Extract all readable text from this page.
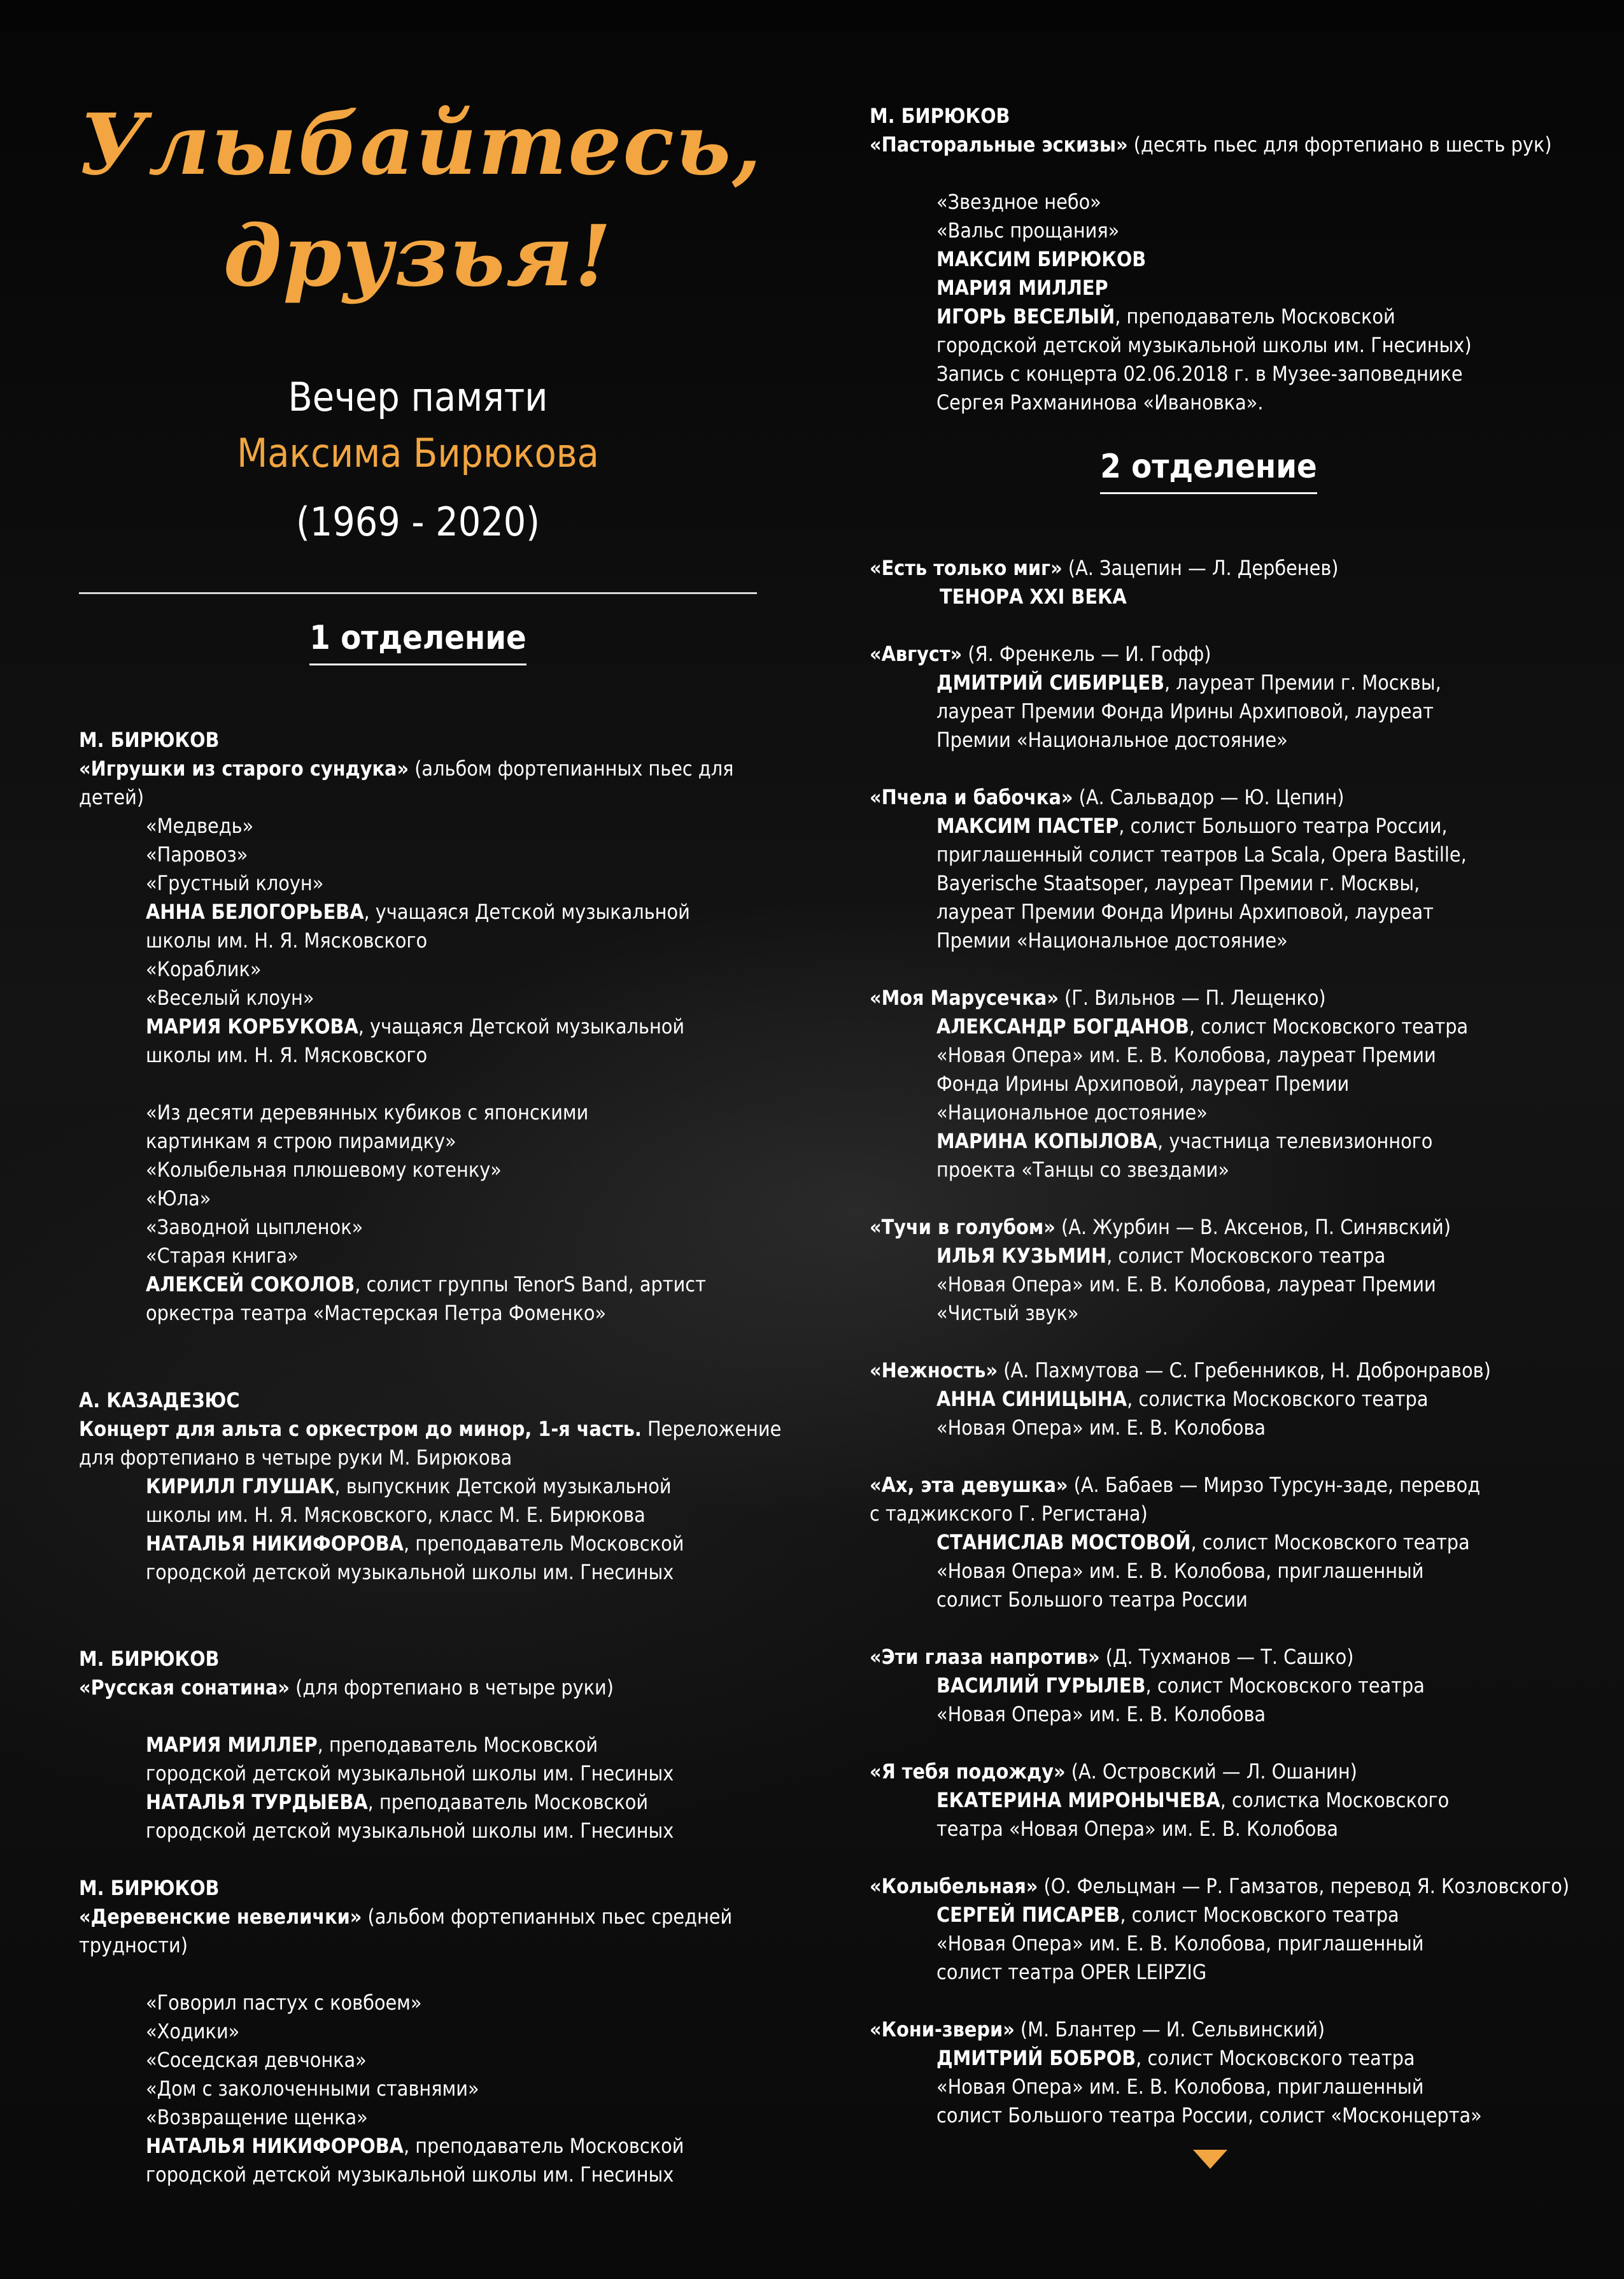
Улыбайтесь,
друзья!
Вечер памяти
Максима Бирюкова
(1969 - 2020)
1 отделение
М. БИРЮКОВ
«Игрушки из старого сундука» (альбом фортепианных пьес для
детей)
«Медведь»
«Паровоз»
«Грустный клоун»
АННА БЕЛОГОРЬЕВА, учащаяся Детской музыкальной
школы им. Н. Я. Мясковского
«Кораблик»
«Веселый клоун»
МАРИЯ КОРБУКОВА, учащаяся Детской музыкальной
школы им. Н. Я. Мясковского
«Из десяти деревянных кубиков с японскими
картинкам я строю пирамидку»
«Колыбельная плюшевому котенку»
«Юла»
«Заводной цыпленок»
«Старая книга»
АЛЕКСЕЙ СОКОЛОВ, солист группы TenorS Band, артист
оркестра театра «Мастерская Петра Фоменко»
А. КАЗАДЕЗЮС
Концерт для альта с оркестром до минор, 1-я часть. Переложение
для фортепиано в четыре руки М. Бирюкова
КИРИЛЛ ГЛУШАК, выпускник Детской музыкальной
школы им. Н. Я. Мясковского, класс М. Е. Бирюкова
НАТАЛЬЯ НИКИФОРОВА, преподаватель Московской
городской детской музыкальной школы им. Гнесиных
М. БИРЮКОВ
«Русская сонатина» (для фортепиано в четыре руки)
МАРИЯ МИЛЛЕР, преподаватель Московской
городской детской музыкальной школы им. Гнесиных
НАТАЛЬЯ ТУРДЫЕВА, преподаватель Московской
городской детской музыкальной школы им. Гнесиных
М. БИРЮКОВ
«Деревенские невелички» (альбом фортепианных пьес средней
трудности)
«Говорил пастух с ковбоем»
«Ходики»
«Соседская девчонка»
«Дом с заколоченными ставнями»
«Возвращение щенка»
НАТАЛЬЯ НИКИФОРОВА, преподаватель Московской
городской детской музыкальной школы им. Гнесиных
2 отделение
М. БИРЮКОВ
«Пасторальные эскизы» (десять пьес для фортепиано в шесть рук)
«Звездное небо»
«Вальс прощания»
МАКСИМ БИРЮКОВ
МАРИЯ МИЛЛЕР
ИГОРЬ ВЕСЕЛЫЙ, преподаватель Московской
городской детской музыкальной школы им. Гнесиных)
Запись с концерта 02.06.2018 г. в Музее-заповеднике
Сергея Рахманинова «Ивановка».
«Есть только миг» (А. Зацепин — Л. Дербенев)
ТЕНОРА XXI ВЕКА
«Август» (Я. Френкель — И. Гофф)
ДМИТРИЙ СИБИРЦЕВ, лауреат Премии г. Москвы,
лауреат Премии Фонда Ирины Архиповой, лауреат
Премии «Национальное достояние»
«Пчела и бабочка» (А. Сальвадор — Ю. Цепин)
МАКСИМ ПАСТЕР, солист Большого театра России,
приглашенный солист театров La Scala, Opera Bastille,
Bayerische Staatsoper, лауреат Премии г. Москвы,
лауреат Премии Фонда Ирины Архиповой, лауреат
Премии «Национальное достояние»
«Моя Марусечка» (Г. Вильнов — П. Лещенко)
АЛЕКСАНДР БОГДАНОВ, солист Московского театра
«Новая Опера» им. Е. В. Колобова, лауреат Премии
Фонда Ирины Архиповой, лауреат Премии
«Национальное достояние»
МАРИНА КОПЫЛОВА, участница телевизионного
проекта «Танцы со звездами»
«Тучи в голубом» (А. Журбин — В. Аксенов, П. Синявский)
ИЛЬЯ КУЗЬМИН, солист Московского театра
«Новая Опера» им. Е. В. Колобова, лауреат Премии
«Чистый звук»
«Нежность» (А. Пахмутова — С. Гребенников, Н. Добронравов)
АННА СИНИЦЫНА, солистка Московского театра
«Новая Опера» им. Е. В. Колобова
«Ах, эта девушка» (А. Бабаев — Мирзо Турсун-заде, перевод
с таджикского Г. Регистана)
СТАНИСЛАВ МОСТОВОЙ, солист Московского театра
«Новая Опера» им. Е. В. Колобова, приглашенный
солист Большого театра России
«Эти глаза напротив» (Д. Тухманов — Т. Сашко)
ВАСИЛИЙ ГУРЫЛЕВ, солист Московского театра
«Новая Опера» им. Е. В. Колобова
«Я тебя подожду» (А. Островский — Л. Ошанин)
ЕКАТЕРИНА МИРОНЫЧЕВА, солистка Московского
театра «Новая Опера» им. Е. В. Колобова
«Колыбельная» (О. Фельцман — Р. Гамзатов, перевод Я. Козловского)
СЕРГЕЙ ПИСАРЕВ, солист Московского театра
«Новая Опера» им. Е. В. Колобова, приглашенный
солист театра OPER LEIPZIG
«Кони-звери» (М. Блантер — И. Сельвинский)
ДМИТРИЙ БОБРОВ, солист Московского театра
«Новая Опера» им. Е. В. Колобова, приглашенный
солист Большого театра России, солист «Москонцерта»
